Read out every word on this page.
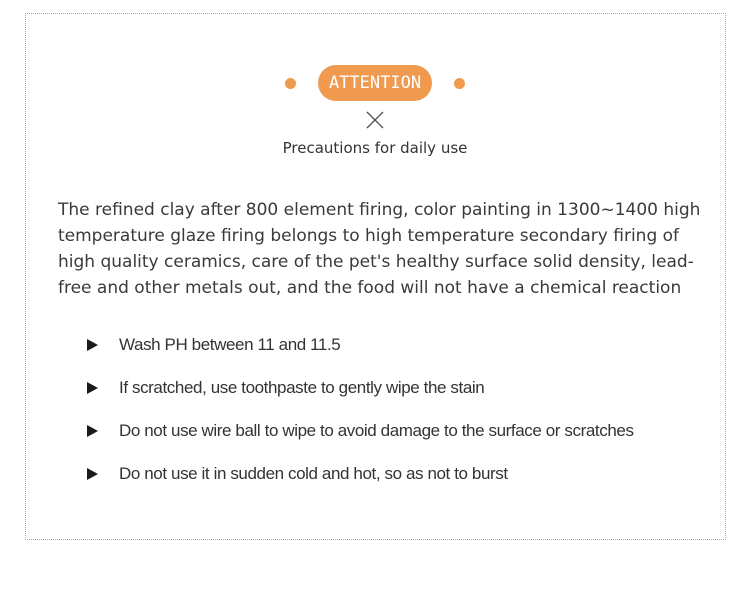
ATTENTION
Precautions for daily use

The refined clay after 800 element firing, color painting in 1300~1400 high temperature glaze firing belongs to high temperature secondary firing of high quality ceramics, care of the pet's healthy surface solid density, lead-free and other metals out, and the food will not have a chemical reaction

Wash PH between 11 and 11.5
If scratched, use toothpaste to gently wipe the stain
Do not use wire ball to wipe to avoid damage to the surface or scratches
Do not use it in sudden cold and hot, so as not to burst
